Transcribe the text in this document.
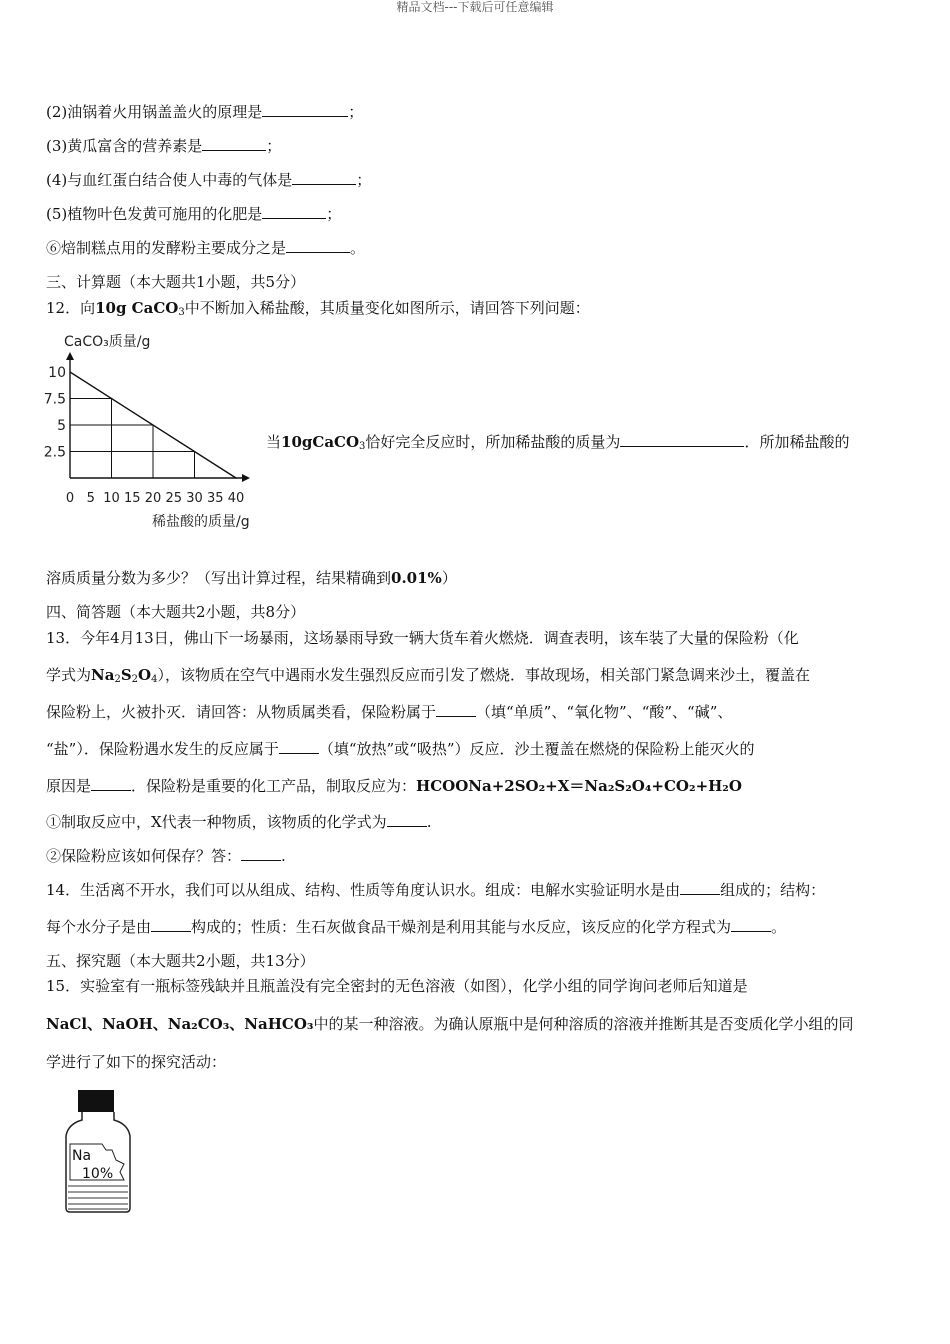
精品文档---下载后可任意编辑
(2)油锅着火用锅盖盖火的原理是	；
(3)黄瓜富含的营养素是	；
(4)与血红蛋白结合使人中毒的气体是	；
(5)植物叶色发黄可施用的化肥是	；
⑥焙制糕点用的发酵粉主要成分之是	。
三、计算题（本大题共1小题，共5分）
12．向10g CaCO$_3$中不断加入稀盐酸，其质量变化如图所示，请回答下列问题：
CaCO₃质量/g
稀盐酸的质量/g
10
7.5
5
2.5
0 5 10 15 20 25 30 35 40
当10gCaCO$_3$恰好完全反应时，所加稀盐酸的质量为	．所加稀盐酸的
溶质质量分数为多少？（写出计算过程，结果精确到0.01%）
四、简答题（本大题共2小题，共8分）
13．今年4月13日，佛山下一场暴雨，这场暴雨导致一辆大货车着火燃烧．调查表明，该车装了大量的保险粉（化
学式为$Na_2S_2O_4$），该物质在空气中遇雨水发生强烈反应而引发了燃烧．事故现场，相关部门紧急调来沙土，覆盖在
保险粉上，火被扑灭．请回答：从物质属类看，保险粉属于	（填“单质”、“氧化物”、“酸”、“碱”、
“盐”）．保险粉遇水发生的反应属于	（填“放热”或“吸热”）反应．沙土覆盖在燃烧的保险粉上能灭火的
原因是	．保险粉是重要的化工产品，制取反应为：HCOONa+2SO₂+X＝Na₂S₂O₄+CO₂+H₂O
①制取反应中，X代表一种物质，该物质的化学式为	.
②保险粉应该如何保存？答：	.
14．生活离不开水，我们可以从组成、结构、性质等角度认识水。组成：电解水实验证明水是由	组成的；结构：
每个水分子是由	构成的；性质：生石灰做食品干燥剂是利用其能与水反应，该反应的化学方程式为	。
五、探究题（本大题共2小题，共13分）
15．实验室有一瓶标签残缺并且瓶盖没有完全密封的无色溶液（如图），化学小组的同学询问老师后知道是
NaCl、NaOH、Na₂CO₃、NaHCO₃中的某一种溶液。为确认原瓶中是何种溶质的溶液并推断其是否变质化学小组的同
学进行了如下的探究活动：
Na
10%
